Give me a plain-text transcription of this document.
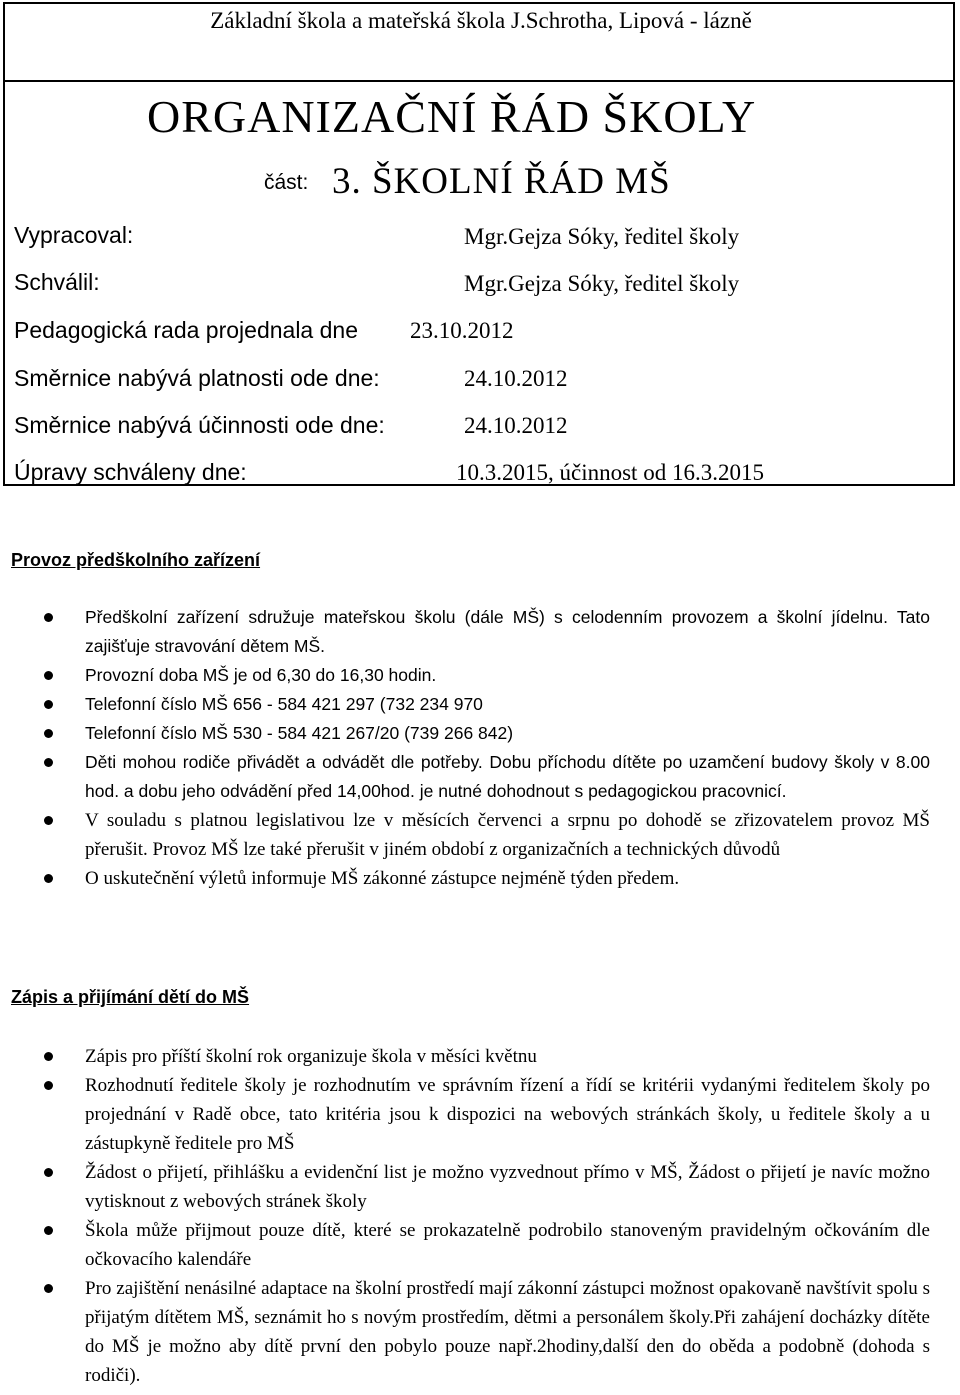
Základní škola a mateřská škola J.Schrotha, Lipová - lázně
ORGANIZAČNÍ ŘÁD ŠKOLY
část: 3. ŠKOLNÍ ŘÁD MŠ
Vypracoval:	Mgr.Gejza Sóky, ředitel školy
Schválil:	Mgr.Gejza Sóky, ředitel školy
Pedagogická rada projednala dne 23.10.2012
Směrnice nabývá platnosti ode dne:	24.10.2012
Směrnice nabývá účinnosti ode dne:	24.10.2012
Úpravy schváleny dne:	10.3.2015, účinnost od 16.3.2015
Provoz předškolního zařízení
Předškolní zařízení sdružuje mateřskou školu (dále MŠ) s celodenním provozem a školní jídelnu. Tato zajišťuje stravování dětem MŠ.
Provozní doba MŠ je od 6,30 do 16,30 hodin.
Telefonní číslo MŠ 656 - 584 421 297 (732 234 970
Telefonní číslo MŠ 530 - 584 421 267/20 (739 266 842)
Děti mohou rodiče přivádět a odvádět dle potřeby. Dobu příchodu dítěte po uzamčení budovy školy v 8.00 hod. a dobu jeho odvádění před 14,00hod. je nutné dohodnout s pedagogickou pracovnicí.
V souladu s platnou legislativou lze v měsících červenci a srpnu po dohodě se zřizovatelem provoz MŠ přerušit. Provoz MŠ lze také přerušit v jiném období z organizačních a technických důvodů
O uskutečnění výletů informuje MŠ zákonné zástupce nejméně týden předem.
Zápis a přijímání dětí do MŠ
Zápis pro příští školní rok organizuje škola v měsíci květnu
Rozhodnutí ředitele školy je rozhodnutím ve správním řízení a řídí se kritérii vydanými ředitelem školy po projednání v Radě obce, tato kritéria jsou k dispozici na webových stránkách školy, u ředitele školy a u zástupkyně ředitele pro MŠ
Žádost o přijetí, přihlášku a evidenční list je možno vyzvednout přímo v MŠ, Žádost o přijetí je navíc možno vytisknout z webových stránek školy
Škola může přijmout pouze dítě, které se prokazatelně podrobilo stanoveným pravidelným očkováním dle očkovacího kalendáře
Pro zajištění nenásilné adaptace na školní prostředí mají zákonní zástupci možnost opakovaně navštívit spolu s přijatým dítětem MŠ, seznámit ho s novým prostředím, dětmi a personálem školy.Při zahájení docházky dítěte do MŠ je možno aby dítě první den pobylo pouze např.2hodiny,další den do oběda a podobně (dohoda s rodiči).
